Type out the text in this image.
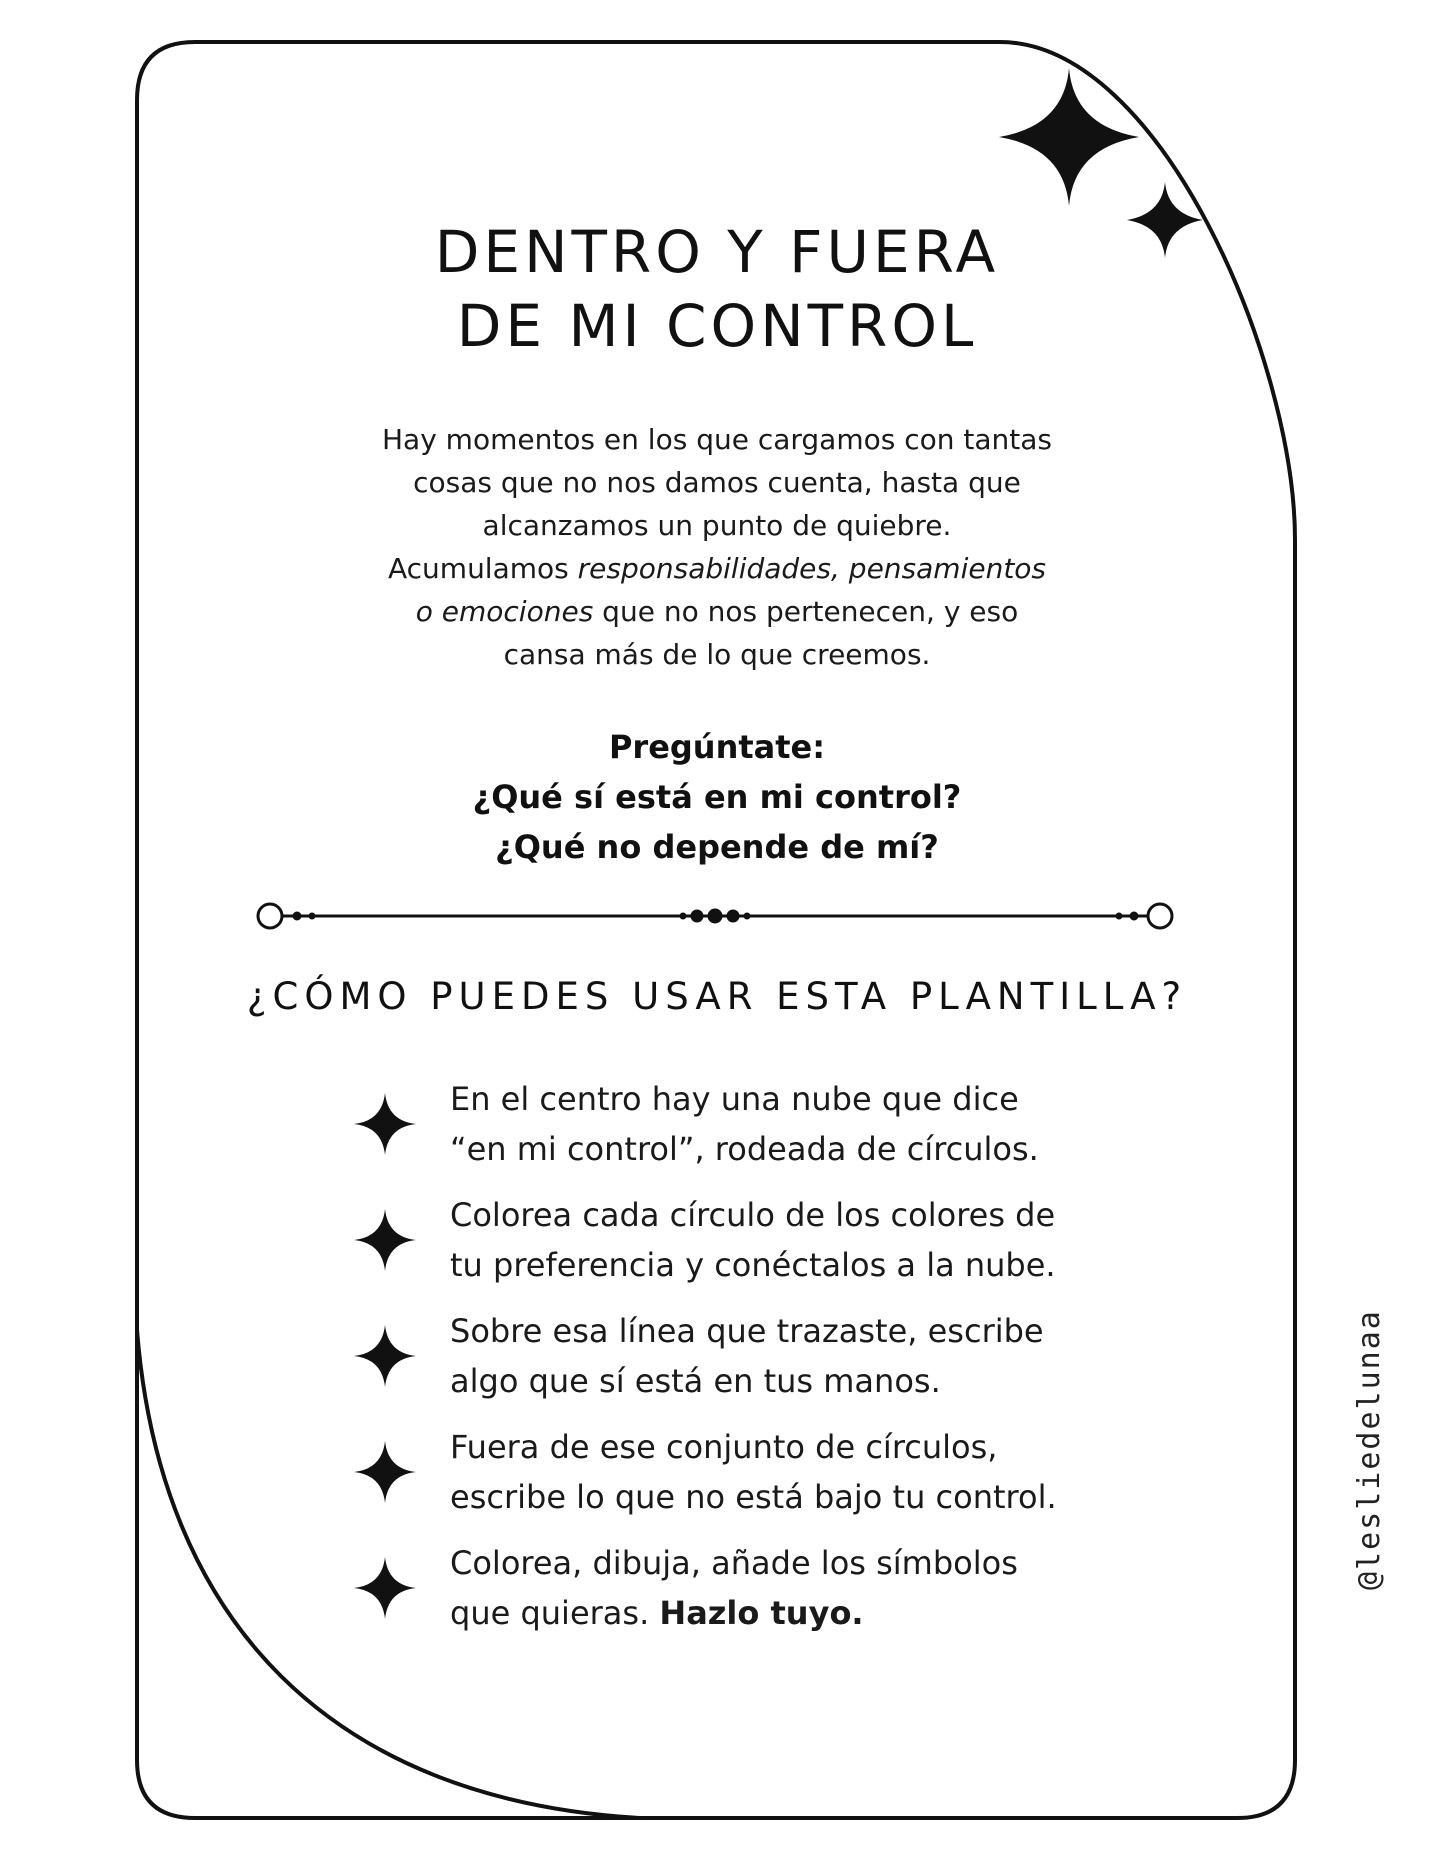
DENTRO Y FUERA
DE MI CONTROL

Hay momentos en los que cargamos con tantas
cosas que no nos damos cuenta, hasta que
alcanzamos un punto de quiebre.
Acumulamos responsabilidades, pensamientos
o emociones que no nos pertenecen, y eso
cansa más de lo que creemos.

Pregúntate:
¿Qué sí está en mi control?
¿Qué no depende de mí?

¿CÓMO PUEDES USAR ESTA PLANTILLA?
En el centro hay una nube que dice
“en mi control”, rodeada de círculos.
Colorea cada círculo de los colores de
tu preferencia y conéctalos a la nube.
Sobre esa línea que trazaste, escribe
algo que sí está en tus manos.
Fuera de ese conjunto de círculos,
escribe lo que no está bajo tu control.
Colorea, dibuja, añade los símbolos
que quieras. Hazlo tuyo.

@lesliedelunaa
